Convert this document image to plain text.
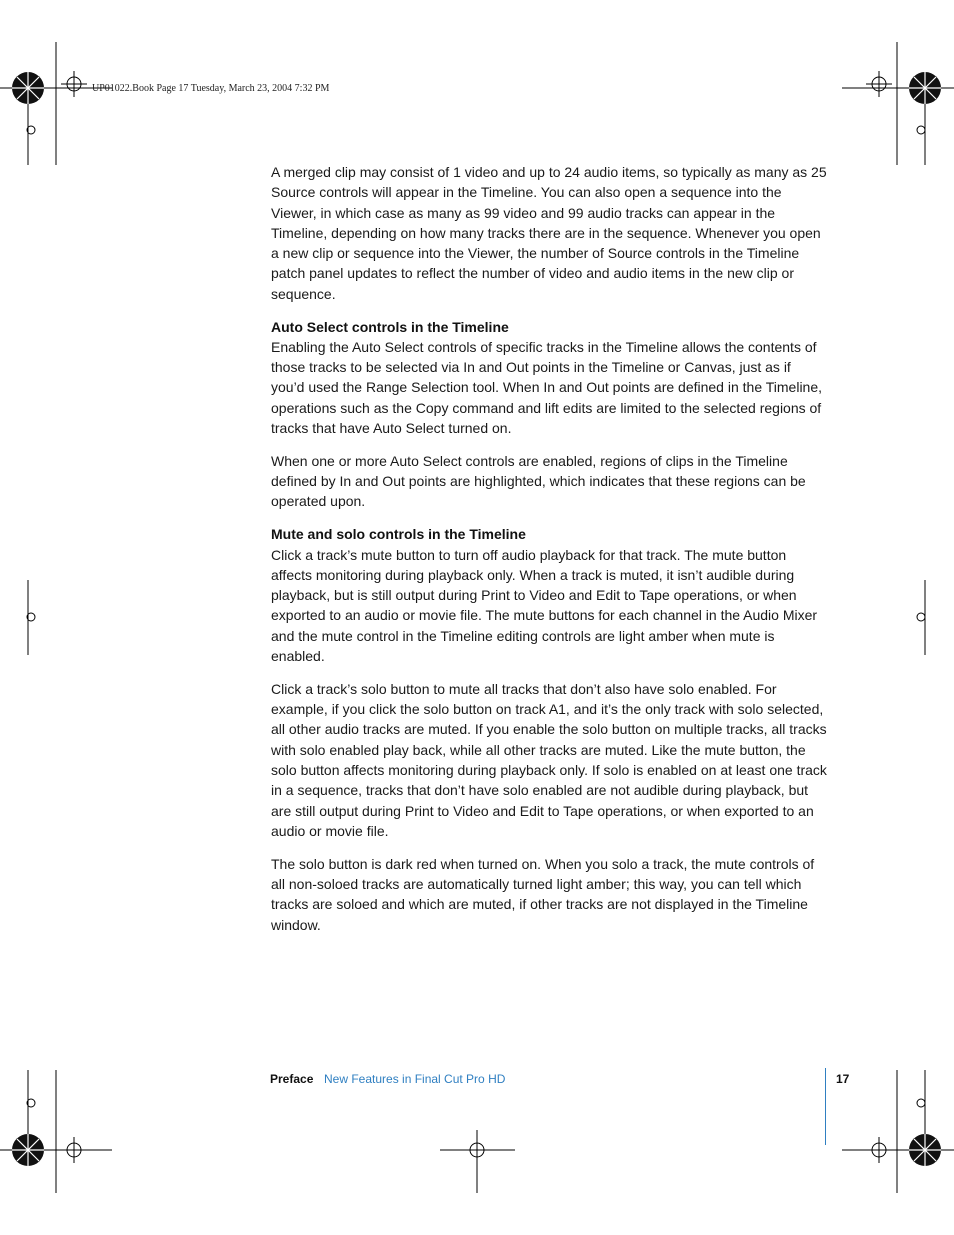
UP01022.Book Page 17 Tuesday, March 23, 2004 7:32 PM

A merged clip may consist of 1 video and up to 24 audio items, so typically as many as 25 Source controls will appear in the Timeline. You can also open a sequence into the Viewer, in which case as many as 99 video and 99 audio tracks can appear in the Timeline, depending on how many tracks there are in the sequence. Whenever you open a new clip or sequence into the Viewer, the number of Source controls in the Timeline patch panel updates to reflect the number of video and audio items in the new clip or sequence.

Auto Select controls in the Timeline

Enabling the Auto Select controls of specific tracks in the Timeline allows the contents of those tracks to be selected via In and Out points in the Timeline or Canvas, just as if you’d used the Range Selection tool. When In and Out points are defined in the Timeline, operations such as the Copy command and lift edits are limited to the selected regions of tracks that have Auto Select turned on.

When one or more Auto Select controls are enabled, regions of clips in the Timeline defined by In and Out points are highlighted, which indicates that these regions can be operated upon.

Mute and solo controls in the Timeline

Click a track’s mute button to turn off audio playback for that track. The mute button affects monitoring during playback only. When a track is muted, it isn’t audible during playback, but is still output during Print to Video and Edit to Tape operations, or when exported to an audio or movie file. The mute buttons for each channel in the Audio Mixer and the mute control in the Timeline editing controls are light amber when mute is enabled.

Click a track’s solo button to mute all tracks that don’t also have solo enabled. For example, if you click the solo button on track A1, and it’s the only track with solo selected, all other audio tracks are muted. If you enable the solo button on multiple tracks, all tracks with solo enabled play back, while all other tracks are muted. Like the mute button, the solo button affects monitoring during playback only. If solo is enabled on at least one track in a sequence, tracks that don’t have solo enabled are not audible during playback, but are still output during Print to Video and Edit to Tape operations, or when exported to an audio or movie file.

The solo button is dark red when turned on. When you solo a track, the mute controls of all non-soloed tracks are automatically turned light amber; this way, you can tell which tracks are soloed and which are muted, if other tracks are not displayed in the Timeline window.

Preface New Features in Final Cut Pro HD	17
